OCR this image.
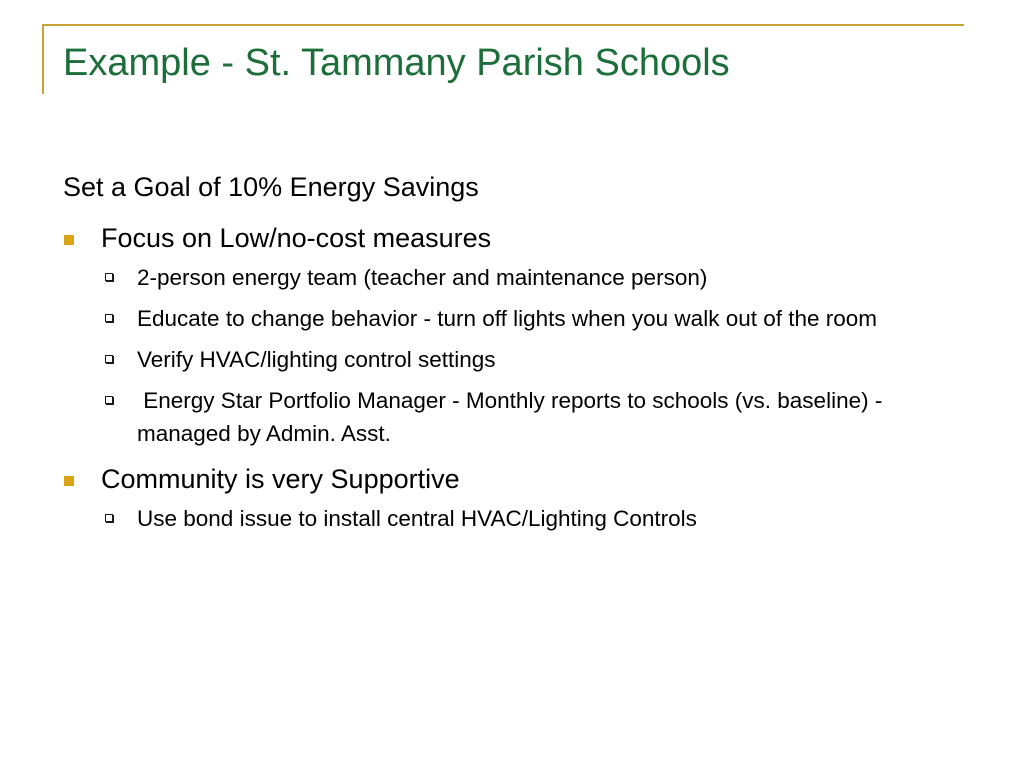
Example - St. Tammany Parish Schools

Set a Goal of 10% Energy Savings

Focus on Low/no-cost measures
2-person energy team (teacher and maintenance person)
Educate to change behavior - turn off lights when you walk out of the room
Verify HVAC/lighting control settings
Energy Star Portfolio Manager - Monthly reports to schools (vs. baseline) - managed by Admin. Asst.
Community is very Supportive
Use bond issue to install central HVAC/Lighting Controls
